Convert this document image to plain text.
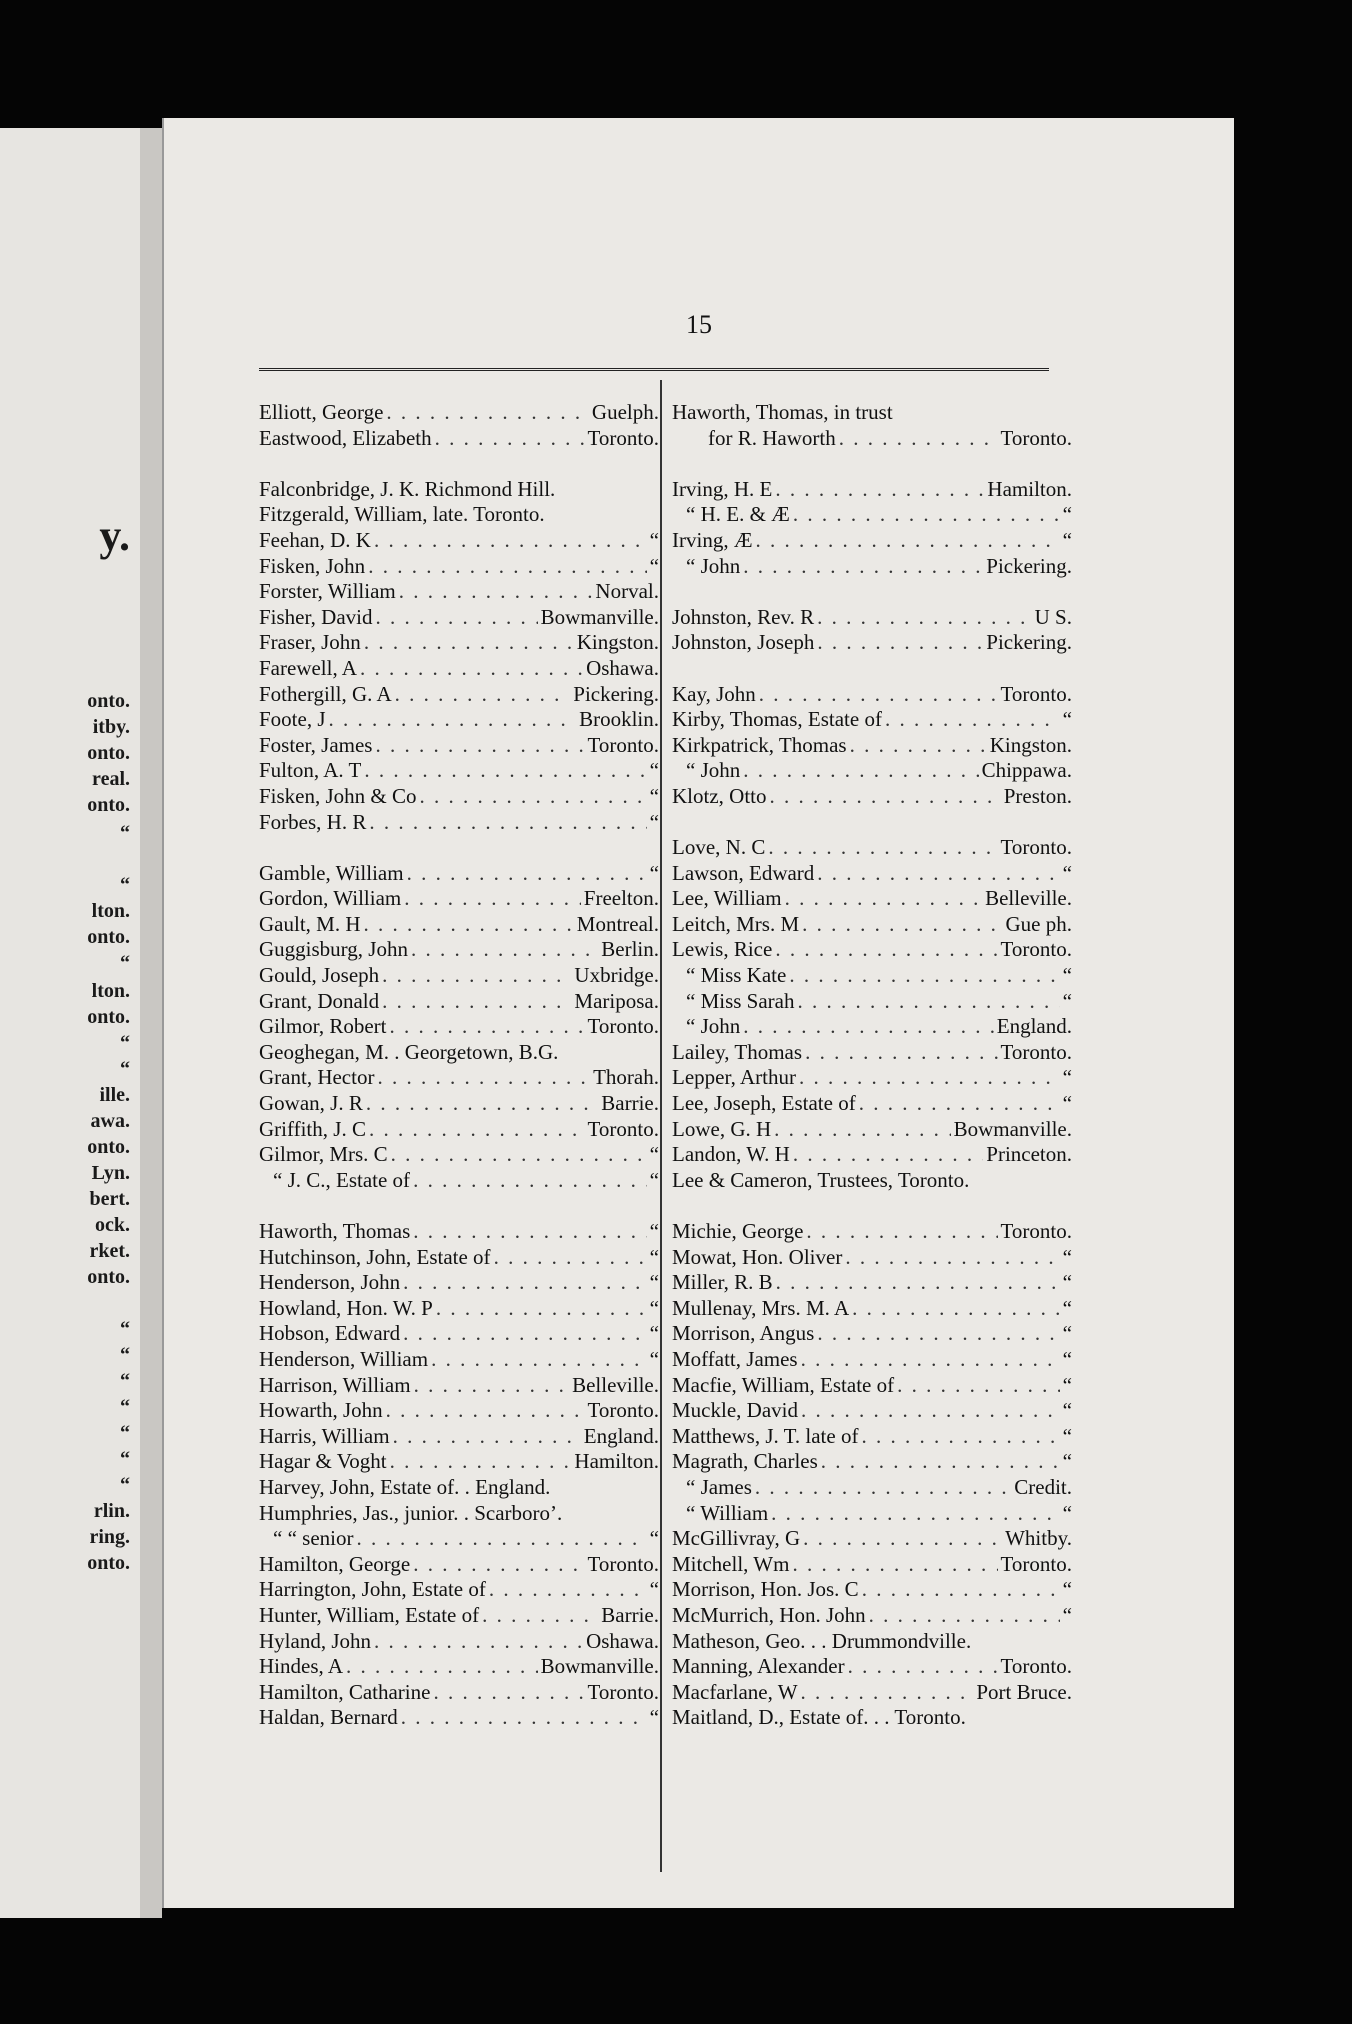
y.
onto.
itby.
onto.
real.
onto.
“
“
lton.
onto.
“
lton.
onto.
“
“
ille.
awa.
onto.
Lyn.
bert.
ock.
rket.
onto.
“
“
“
“
“
“
“
rlin.
ring.
onto.
15
Elliott, George . . .	Guelph.
Eastwood, Elizabeth . . .	Toronto.
Falconbridge, J. K. Richmond Hill.
Fitzgerald, William, late. Toronto.
Feehan, D. K . . .	“
Fisken, John . . .	“
Forster, William . . .	Norval.
Fisher, David . . .	Bowmanville.
Fraser, John . . .	Kingston.
Farewell, A . . .	Oshawa.
Fothergill, G. A . . .	Pickering.
Foote, J . . .	Brooklin.
Foster, James . . .	Toronto.
Fulton, A. T . . .	“
Fisken, John & Co . . .	“
Forbes, H. R . . .	“
Gamble, William . . .	“
Gordon, William . . .	Freelton.
Gault, M. H . . .	Montreal.
Guggisburg, John . . .	Berlin.
Gould, Joseph . . .	Uxbridge.
Grant, Donald . . .	Mariposa.
Gilmor, Robert . . .	Toronto.
Geoghegan, M. . Georgetown, B.G.
Grant, Hector . . .	Thorah.
Gowan, J. R . . .	Barrie.
Griffith, J. C . . .	Toronto.
Gilmor, Mrs. C . . .	“
“ J. C., Estate of . . .	“
Haworth, Thomas . . .	“
Hutchinson, John, Estate of . . .	“
Henderson, John . . .	“
Howland, Hon. W. P . . .	“
Hobson, Edward . . .	“
Henderson, William . . .	“
Harrison, William . . .	Belleville.
Howarth, John . . .	Toronto.
Harris, William . . .	England.
Hagar & Voght . . .	Hamilton.
Harvey, John, Estate of. . England.
Humphries, Jas., junior. . Scarboro’.
“ “ senior . . .	“
Hamilton, George . . .	Toronto.
Harrington, John, Estate of . . .	“
Hunter, William, Estate of . . .	Barrie.
Hyland, John . . .	Oshawa.
Hindes, A . . .	Bowmanville.
Hamilton, Catharine . . .	Toronto.
Haldan, Bernard . . .	“
Haworth, Thomas, in trust
for R. Haworth . . .	Toronto.
Irving, H. E . . .	Hamilton.
“ H. E. & Æ . . .	“
Irving, Æ . . .	“
“ John . . .	Pickering.
Johnston, Rev. R . . .	U S.
Johnston, Joseph . . .	Pickering.
Kay, John . . .	Toronto.
Kirby, Thomas, Estate of . . .	“
Kirkpatrick, Thomas . . .	Kingston.
“ John . . .	Chippawa.
Klotz, Otto . . .	Preston.
Love, N. C . . .	Toronto.
Lawson, Edward . . .	“
Lee, William . . .	Belleville.
Leitch, Mrs. M . . .	Gue ph.
Lewis, Rice . . .	Toronto.
“ Miss Kate . . .	“
“ Miss Sarah . . .	“
“ John . . .	England.
Lailey, Thomas . . .	Toronto.
Lepper, Arthur . . .	“
Lee, Joseph, Estate of . . .	“
Lowe, G. H . . .	Bowmanville.
Landon, W. H . . .	Princeton.
Lee & Cameron, Trustees, Toronto.
Michie, George . . .	Toronto.
Mowat, Hon. Oliver . . .	“
Miller, R. B . . .	“
Mullenay, Mrs. M. A . . .	“
Morrison, Angus . . .	“
Moffatt, James . . .	“
Macfie, William, Estate of . . .	“
Muckle, David . . .	“
Matthews, J. T. late of . . .	“
Magrath, Charles . . .	“
“ James . . .	Credit.
“ William . . .	“
McGillivray, G . . .	Whitby.
Mitchell, Wm . . .	Toronto.
Morrison, Hon. Jos. C . . .	“
McMurrich, Hon. John . . .	“
Matheson, Geo. . . Drummondville.
Manning, Alexander . . .	Toronto.
Macfarlane, W . . .	Port Bruce.
Maitland, D., Estate of. . . Toronto.
